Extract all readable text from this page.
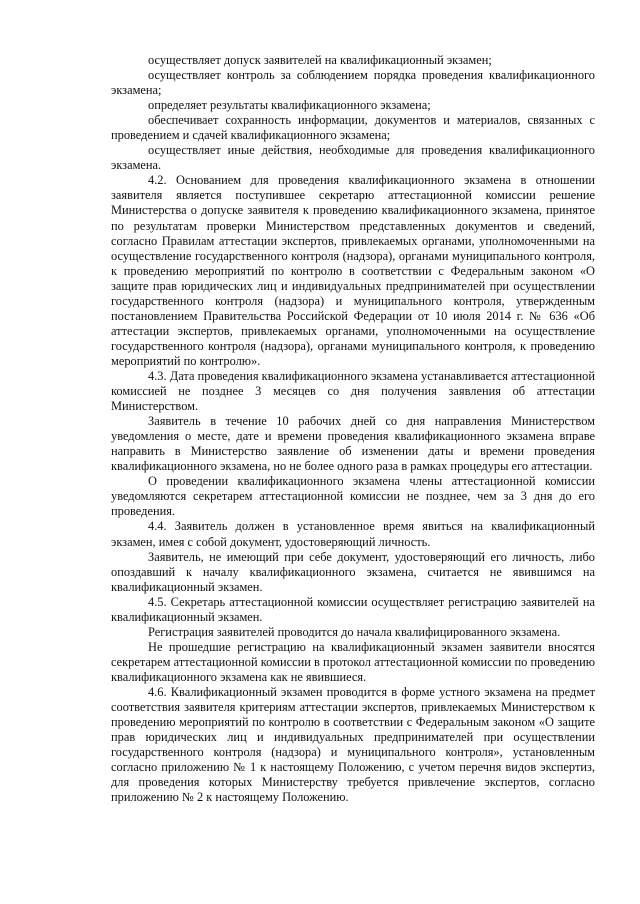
осуществляет допуск заявителей на квалификационный экзамен;

осуществляет контроль за соблюдением порядка проведения квалификационного экзамена;

определяет результаты квалификационного экзамена;

обеспечивает сохранность информации, документов и материалов, связанных с проведением и сдачей квалификационного экзамена;

осуществляет иные действия, необходимые для проведения квалификационного экзамена.

4.2. Основанием для проведения квалификационного экзамена в отношении заявителя является поступившее секретарю аттестационной комиссии решение Министерства о допуске заявителя к проведению квалификационного экзамена, принятое по результатам проверки Министерством представленных документов и сведений, согласно Правилам аттестации экспертов, привлекаемых органами, уполномоченными на осуществление государственного контроля (надзора), органами муниципального контроля, к проведению мероприятий по контролю в соответствии с Федеральным законом «О защите прав юридических лиц и индивидуальных предпринимателей при осуществлении государственного контроля (надзора) и муниципального контроля, утвержденным постановлением Правительства Российской Федерации от 10 июля 2014 г. № 636 «Об аттестации экспертов, привлекаемых органами, уполномоченными на осуществление государственного контроля (надзора), органами муниципального контроля, к проведению мероприятий по контролю».

4.3. Дата проведения квалификационного экзамена устанавливается аттестационной комиссией не позднее 3 месяцев со дня получения заявления об аттестации Министерством.

Заявитель в течение 10 рабочих дней со дня направления Министерством уведомления о месте, дате и времени проведения квалификационного экзамена вправе направить в Министерство заявление об изменении даты и времени проведения квалификационного экзамена, но не более одного раза в рамках процедуры его аттестации.

О проведении квалификационного экзамена члены аттестационной комиссии уведомляются секретарем аттестационной комиссии не позднее, чем за 3 дня до его проведения.

4.4. Заявитель должен в установленное время явиться на квалификационный экзамен, имея с собой документ, удостоверяющий личность.

Заявитель, не имеющий при себе документ, удостоверяющий его личность, либо опоздавший к началу квалификационного экзамена, считается не явившимся на квалификационный экзамен.

4.5. Секретарь аттестационной комиссии осуществляет регистрацию заявителей на квалификационный экзамен.

Регистрация заявителей проводится до начала квалифицированного экзамена.

Не прошедшие регистрацию на квалификационный экзамен заявители вносятся секретарем аттестационной комиссии в протокол аттестационной комиссии по проведению квалификационного экзамена как не явившиеся.

4.6. Квалификационный экзамен проводится в форме устного экзамена на предмет соответствия заявителя критериям аттестации экспертов, привлекаемых Министерством к проведению мероприятий по контролю в соответствии с Федеральным законом «О защите прав юридических лиц и индивидуальных предпринимателей при осуществлении государственного контроля (надзора) и муниципального контроля», установленным согласно приложению № 1 к настоящему Положению, с учетом перечня видов экспертиз, для проведения которых Министерству требуется привлечение экспертов, согласно приложению № 2 к настоящему Положению.
